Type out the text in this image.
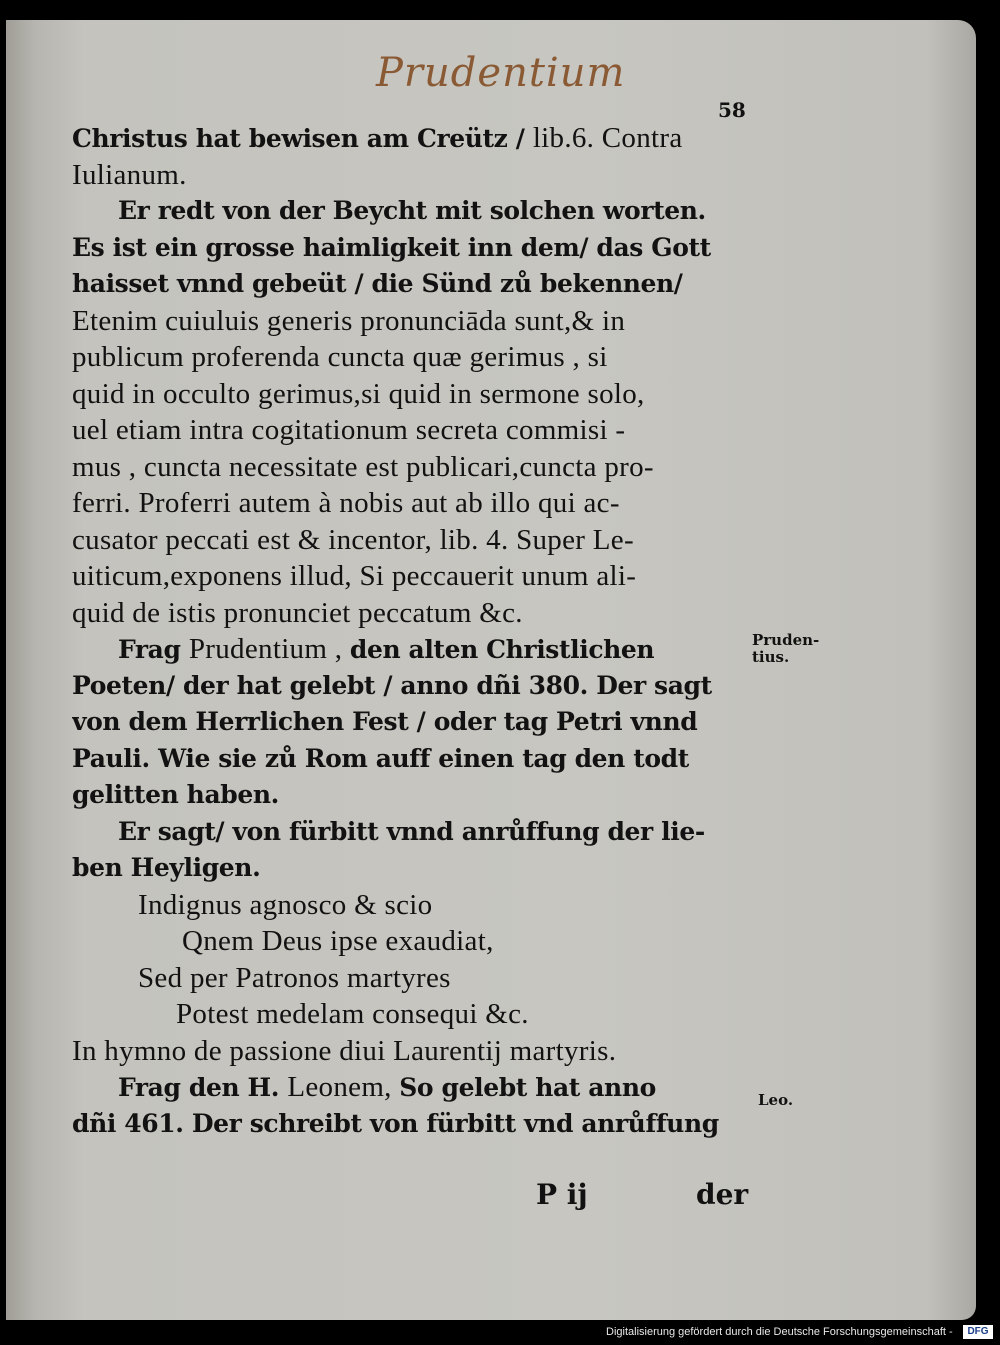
Prudentium
58
Christus hat bewisen am Creütz / lib.6. Contra
Iulianum.
Er redt von der Beycht mit solchen worten.
Es ist ein grosse haimligkeit inn dem/ das Gott
haisset vnnd gebeüt / die Sünd zů bekennen/
Etenim cuiuluis generis pronunciāda sunt,& in
publicum proferenda cuncta quæ gerimus , si
quid in occulto gerimus,si quid in sermone solo,
uel etiam intra cogitationum secreta commisi -
mus , cuncta necessitate est publicari,cuncta pro-
ferri. Proferri autem à nobis aut ab illo qui ac-
cusator peccati est & incentor, lib. 4. Super Le-
uiticum,exponens illud, Si peccauerit unum ali-
quid de istis pronunciet peccatum &c.
Frag Prudentium , den alten Christlichen
Poeten/ der hat gelebt / anno dñi 380. Der sagt
von dem Herrlichen Fest / oder tag Petri vnnd
Pauli. Wie sie zů Rom auff einen tag den todt
gelitten haben.
Er sagt/ von fürbitt vnnd anrůffung der lie-
ben Heyligen.
Indignus agnosco & scio
Qnem Deus ipse exaudiat,
Sed per Patronos martyres
Potest medelam consequi &c.
In hymno de passione diui Laurentij martyris.
Frag den H. Leonem, So gelebt hat anno
dñi 461. Der schreibt von fürbitt vnd anrůffung
Pruden-
tius.
Leo.
P ij	der
Digitalisierung gefördert durch die Deutsche Forschungsgemeinschaft -	DFG
